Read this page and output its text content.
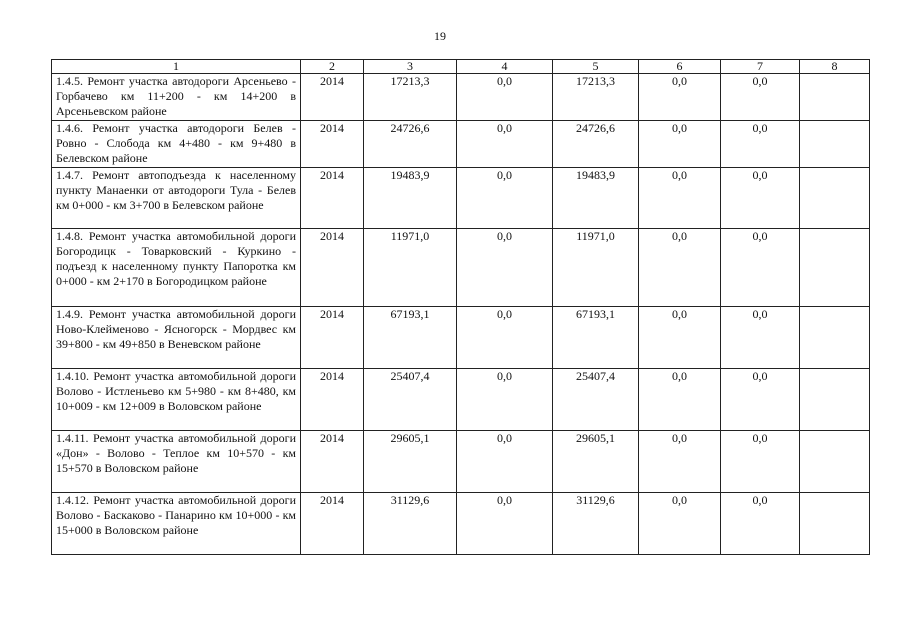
19
1	2	3	4	5	6	7	8
1.4.5. Ремонт участка автодороги Арсеньево - Горбачево км 11+200 - км 14+200 в Арсеньевском районе	2014	17213,3	0,0	17213,3	0,0	0,0	
1.4.6. Ремонт участка автодороги Белев - Ровно - Слобода км 4+480 - км 9+480 в Белевском районе	2014	24726,6	0,0	24726,6	0,0	0,0	
1.4.7. Ремонт автоподъезда к населенному пункту Манаенки от автодороги Тула - Белев км 0+000 - км 3+700 в Белевском районе	2014	19483,9	0,0	19483,9	0,0	0,0	
1.4.8. Ремонт участка автомобильной дороги Богородицк - Товарковский - Куркино - подъезд к населенному пункту Папоротка км 0+000 - км 2+170 в Богородицком районе	2014	11971,0	0,0	11971,0	0,0	0,0	
1.4.9. Ремонт участка автомобильной дороги Ново-Клейменово - Ясногорск - Мордвес км 39+800 - км 49+850 в Веневском районе	2014	67193,1	0,0	67193,1	0,0	0,0	
1.4.10. Ремонт участка автомобильной дороги Волово - Истленьево км 5+980 - км 8+480, км 10+009 - км 12+009 в Воловском районе	2014	25407,4	0,0	25407,4	0,0	0,0	
1.4.11. Ремонт участка автомобильной дороги «Дон» - Волово - Теплое км 10+570 - км 15+570 в Воловском районе	2014	29605,1	0,0	29605,1	0,0	0,0	
1.4.12. Ремонт участка автомобильной дороги Волово - Баскаково - Панарино км 10+000 - км 15+000 в Воловском районе	2014	31129,6	0,0	31129,6	0,0	0,0	
